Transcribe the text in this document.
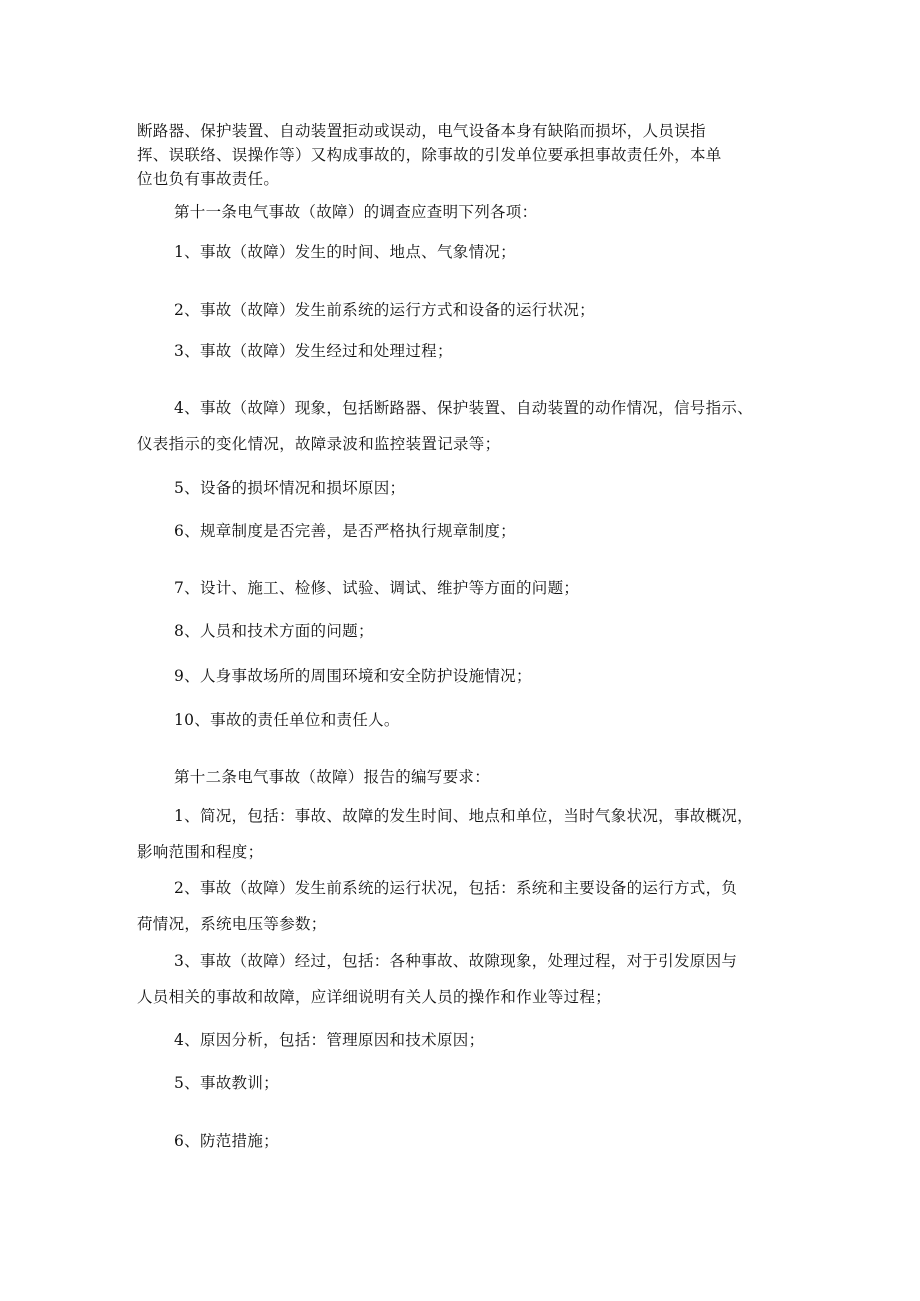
断路器、保护装置、自动装置拒动或误动，电气设备本身有缺陷而损坏，人员误指
挥、误联络、误操作等）又构成事故的，除事故的引发单位要承担事故责任外，本单
位也负有事故责任。
第十一条电气事故（故障）的调查应查明下列各项：
1、事故（故障）发生的时间、地点、气象情况；
2、事故（故障）发生前系统的运行方式和设备的运行状况；
3、事故（故障）发生经过和处理过程；
4、事故（故障）现象，包括断路器、保护装置、自动装置的动作情况，信号指示、
仪表指示的变化情况，故障录波和监控装置记录等；
5、设备的损坏情况和损坏原因；
6、规章制度是否完善，是否严格执行规章制度；
7、设计、施工、检修、试验、调试、维护等方面的问题；
8、人员和技术方面的问题；
9、人身事故场所的周围环境和安全防护设施情况；
10、事故的责任单位和责任人。
第十二条电气事故（故障）报告的编写要求：
1、简况，包括：事故、故障的发生时间、地点和单位，当时气象状况，事故概况，
影响范围和程度；
2、事故（故障）发生前系统的运行状况，包括：系统和主要设备的运行方式，负
荷情况，系统电压等参数；
3、事故（故障）经过，包括：各种事故、故隙现象，处理过程，对于引发原因与
人员相关的事故和故障，应详细说明有关人员的操作和作业等过程；
4、原因分析，包括：管理原因和技术原因；
5、事故教训；
6、防范措施；
